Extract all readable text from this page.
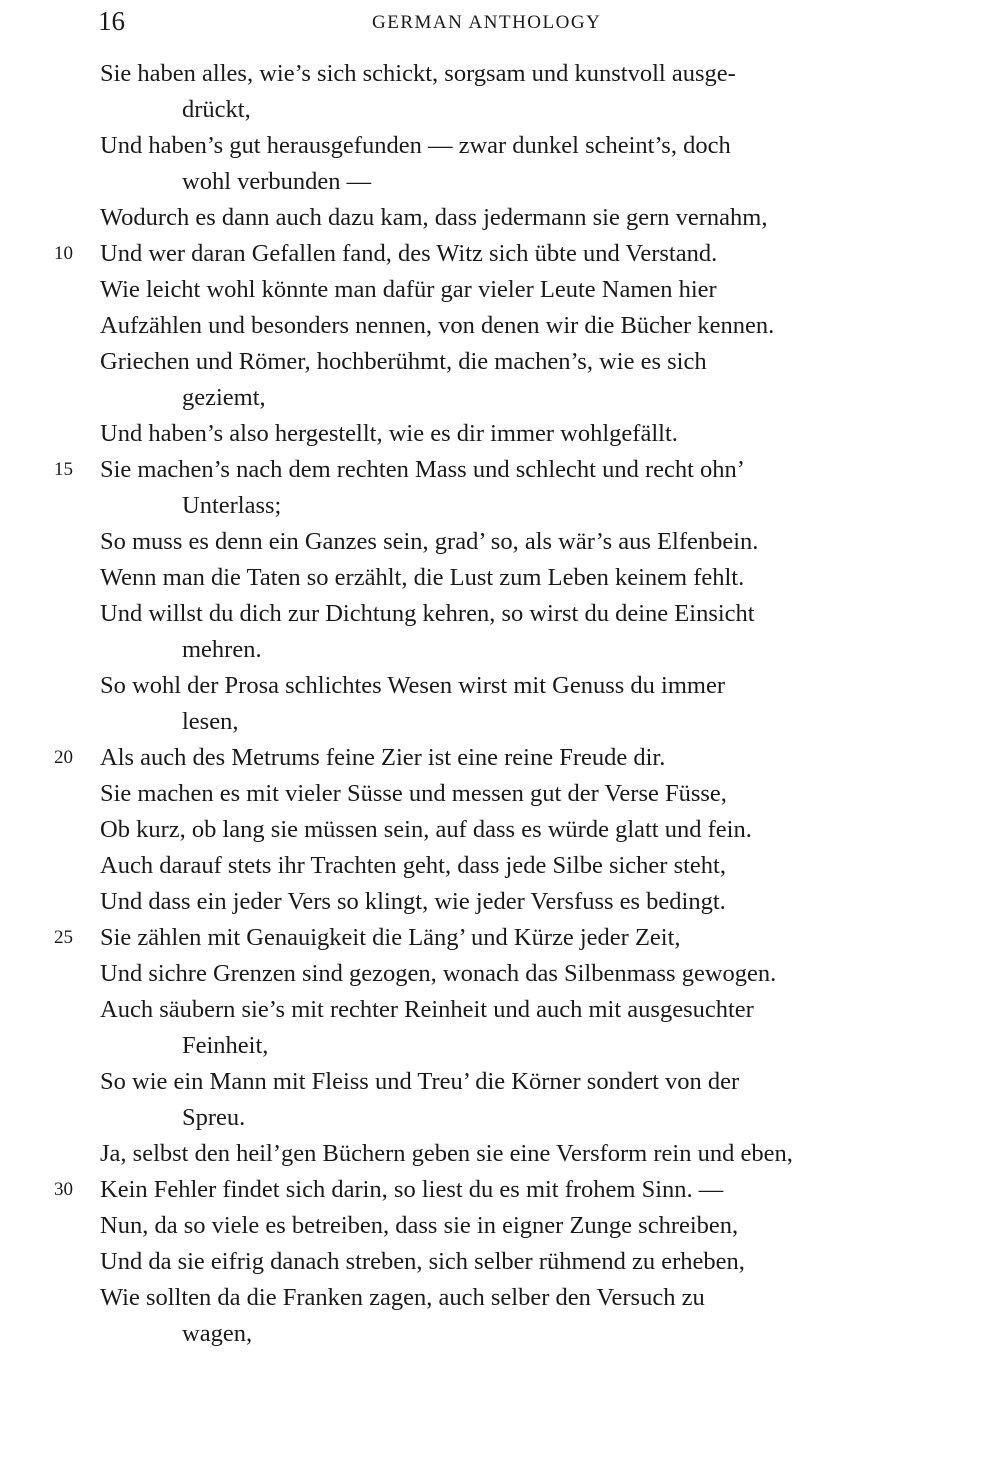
16	GERMAN ANTHOLOGY
Sie haben alles, wie’s sich schickt, sorgsam und kunstvoll ausge-
drückt,
Und haben’s gut herausgefunden — zwar dunkel scheint’s, doch
wohl verbunden —
Wodurch es dann auch dazu kam, dass jedermann sie gern vernahm,
10	Und wer daran Gefallen fand, des Witz sich übte und Verstand.
Wie leicht wohl könnte man dafür gar vieler Leute Namen hier
Aufzählen und besonders nennen, von denen wir die Bücher kennen.
Griechen und Römer, hochberühmt, die machen’s, wie es sich
geziemt,
Und haben’s also hergestellt, wie es dir immer wohlgefällt.
15	Sie machen’s nach dem rechten Mass und schlecht und recht ohn’
Unterlass;
So muss es denn ein Ganzes sein, grad’ so, als wär’s aus Elfenbein.
Wenn man die Taten so erzählt, die Lust zum Leben keinem fehlt.
Und willst du dich zur Dichtung kehren, so wirst du deine Einsicht
mehren.
So wohl der Prosa schlichtes Wesen wirst mit Genuss du immer
lesen,
20	Als auch des Metrums feine Zier ist eine reine Freude dir.
Sie machen es mit vieler Süsse und messen gut der Verse Füsse,
Ob kurz, ob lang sie müssen sein, auf dass es würde glatt und fein.
Auch darauf stets ihr Trachten geht, dass jede Silbe sicher steht,
Und dass ein jeder Vers so klingt, wie jeder Versfuss es bedingt.
25	Sie zählen mit Genauigkeit die Läng’ und Kürze jeder Zeit,
Und sichre Grenzen sind gezogen, wonach das Silbenmass gewogen.
Auch säubern sie’s mit rechter Reinheit und auch mit ausgesuchter
Feinheit,
So wie ein Mann mit Fleiss und Treu’ die Körner sondert von der
Spreu.
Ja, selbst den heil’gen Büchern geben sie eine Versform rein und eben,
30	Kein Fehler findet sich darin, so liest du es mit frohem Sinn. —
Nun, da so viele es betreiben, dass sie in eigner Zunge schreiben,
Und da sie eifrig danach streben, sich selber rühmend zu erheben,
Wie sollten da die Franken zagen, auch selber den Versuch zu
wagen,
